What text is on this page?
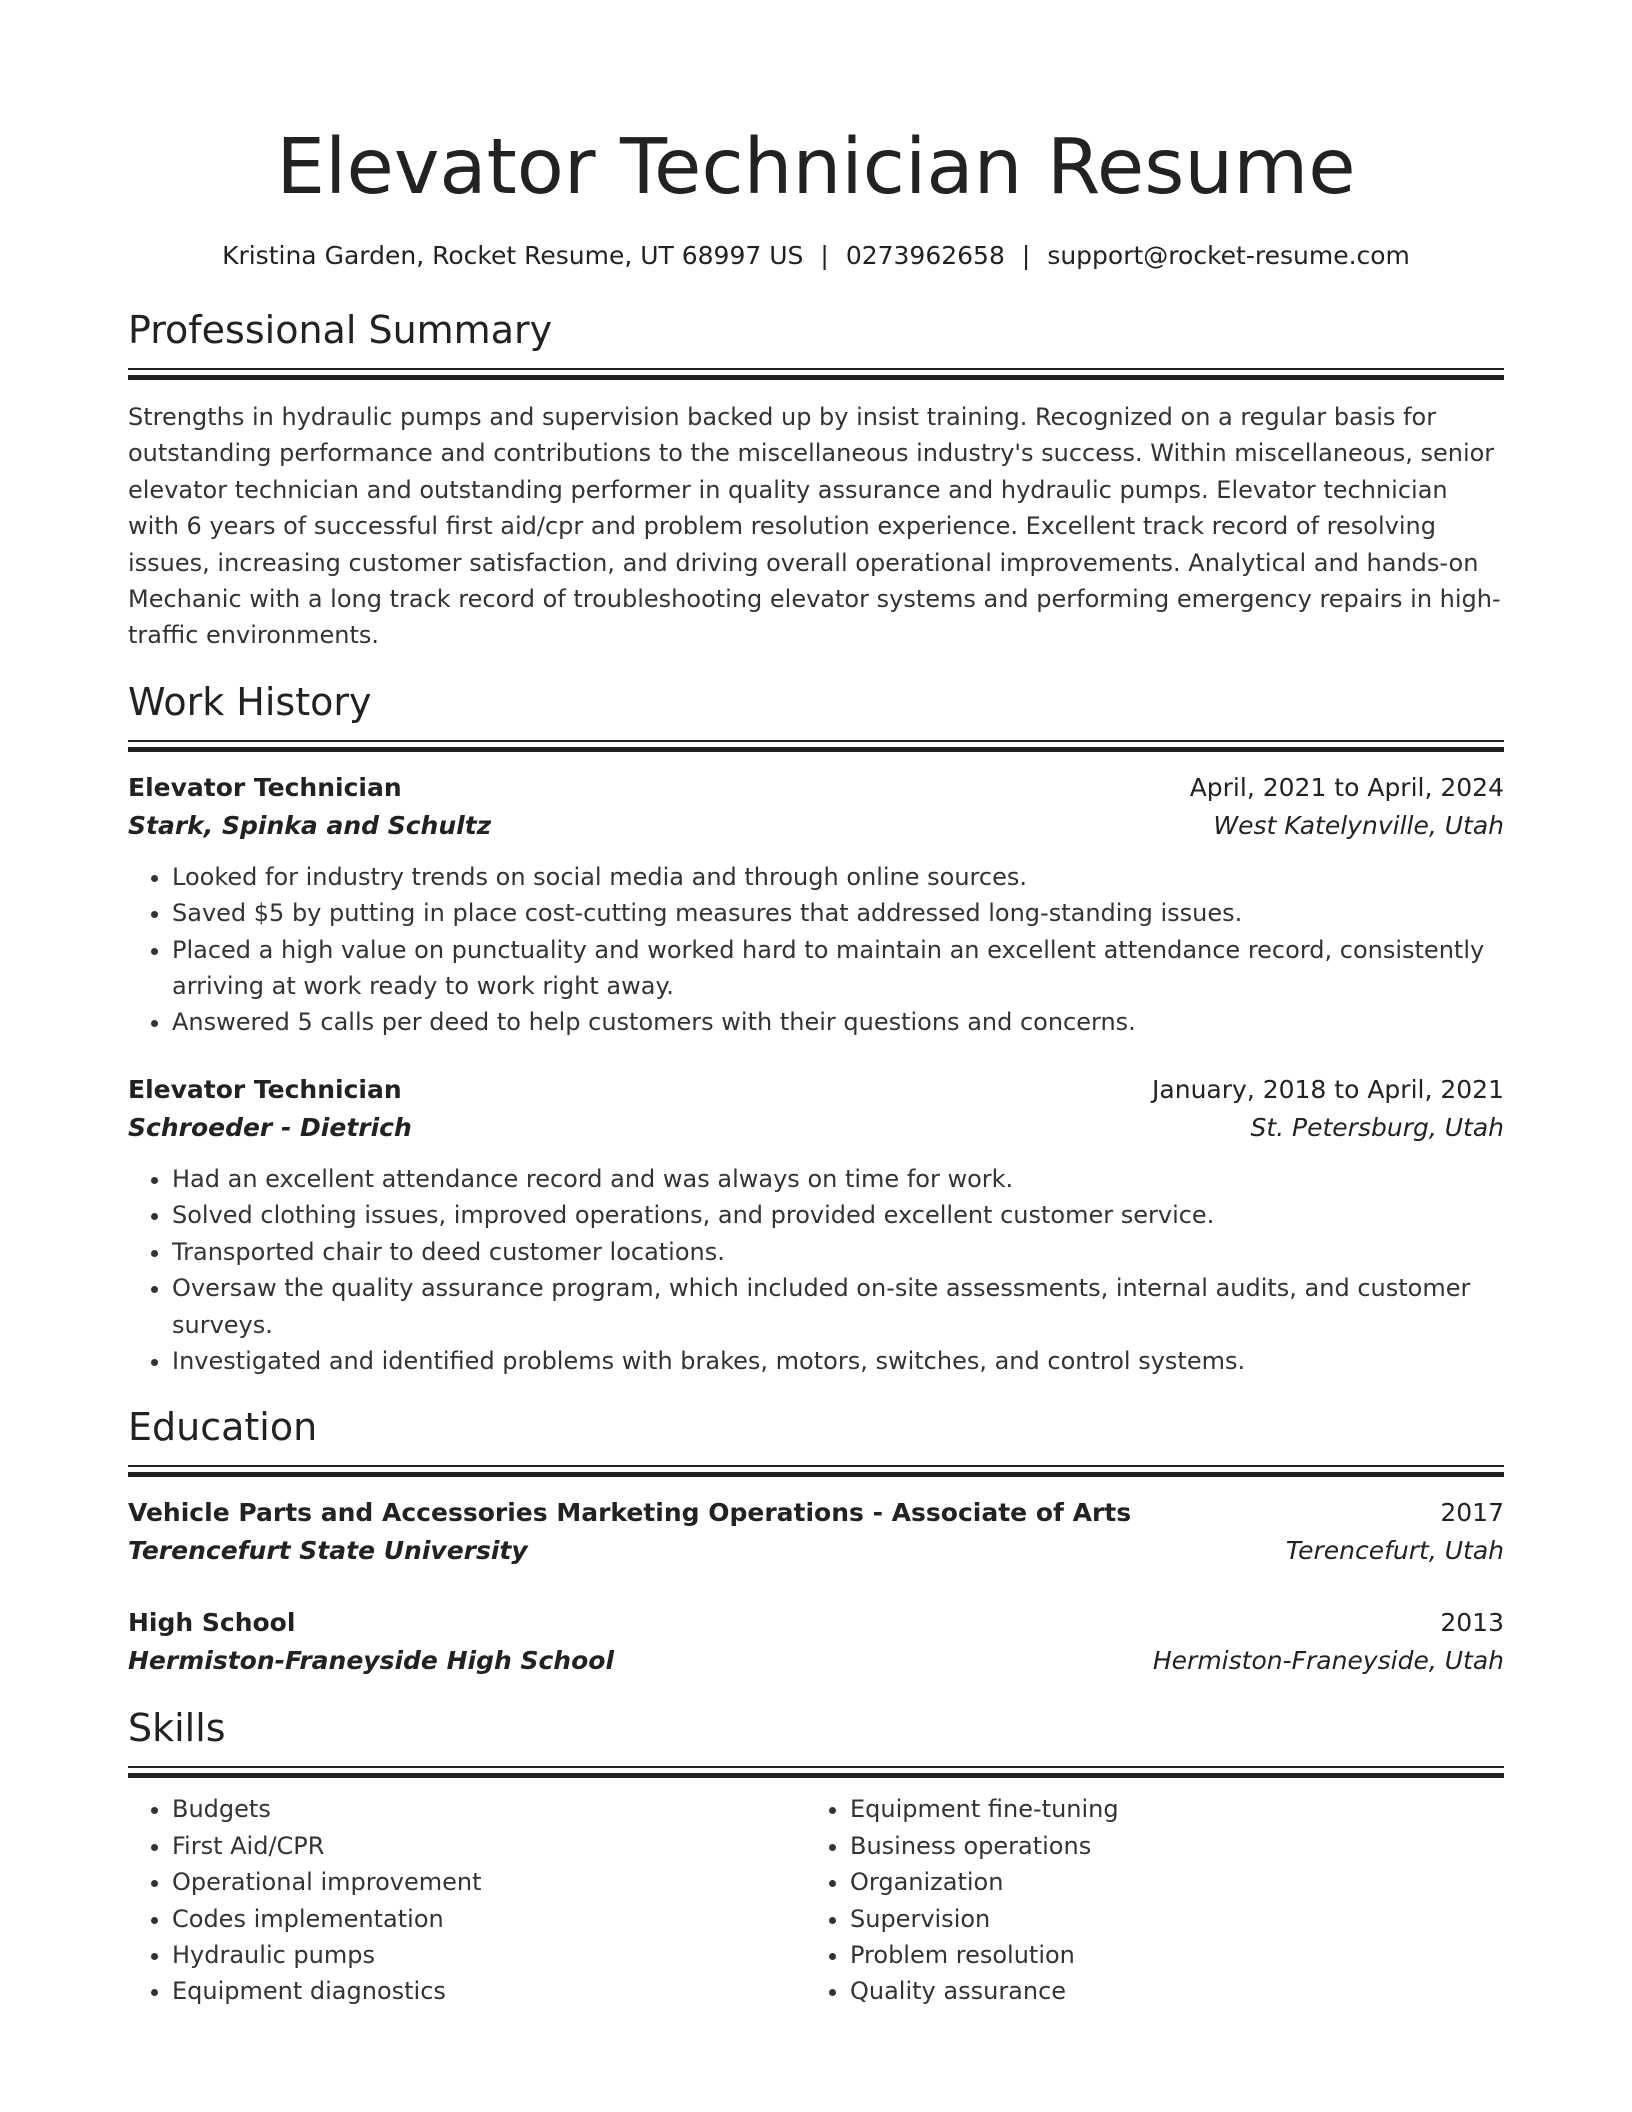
Elevator Technician Resume
Kristina Garden, Rocket Resume, UT 68997 US | 0273962658 | support@rocket-resume.com
Professional Summary
Strengths in hydraulic pumps and supervision backed up by insist training. Recognized on a regular basis for outstanding performance and contributions to the miscellaneous industry's success. Within miscellaneous, senior elevator technician and outstanding performer in quality assurance and hydraulic pumps. Elevator technician with 6 years of successful first aid/cpr and problem resolution experience. Excellent track record of resolving issues, increasing customer satisfaction, and driving overall operational improvements. Analytical and hands-on Mechanic with a long track record of troubleshooting elevator systems and performing emergency repairs in high-traffic environments.
Work History
Elevator Technician	April, 2021 to April, 2024
Stark, Spinka and Schultz	West Katelynville, Utah
• Looked for industry trends on social media and through online sources.
• Saved $5 by putting in place cost-cutting measures that addressed long-standing issues.
• Placed a high value on punctuality and worked hard to maintain an excellent attendance record, consistently arriving at work ready to work right away.
• Answered 5 calls per deed to help customers with their questions and concerns.
Elevator Technician	January, 2018 to April, 2021
Schroeder - Dietrich	St. Petersburg, Utah
• Had an excellent attendance record and was always on time for work.
• Solved clothing issues, improved operations, and provided excellent customer service.
• Transported chair to deed customer locations.
• Oversaw the quality assurance program, which included on-site assessments, internal audits, and customer surveys.
• Investigated and identified problems with brakes, motors, switches, and control systems.
Education
Vehicle Parts and Accessories Marketing Operations - Associate of Arts	2017
Terencefurt State University	Terencefurt, Utah
High School	2013
Hermiston-Franeyside High School	Hermiston-Franeyside, Utah
Skills
• Budgets
• First Aid/CPR
• Operational improvement
• Codes implementation
• Hydraulic pumps
• Equipment diagnostics
• Equipment fine-tuning
• Business operations
• Organization
• Supervision
• Problem resolution
• Quality assurance
